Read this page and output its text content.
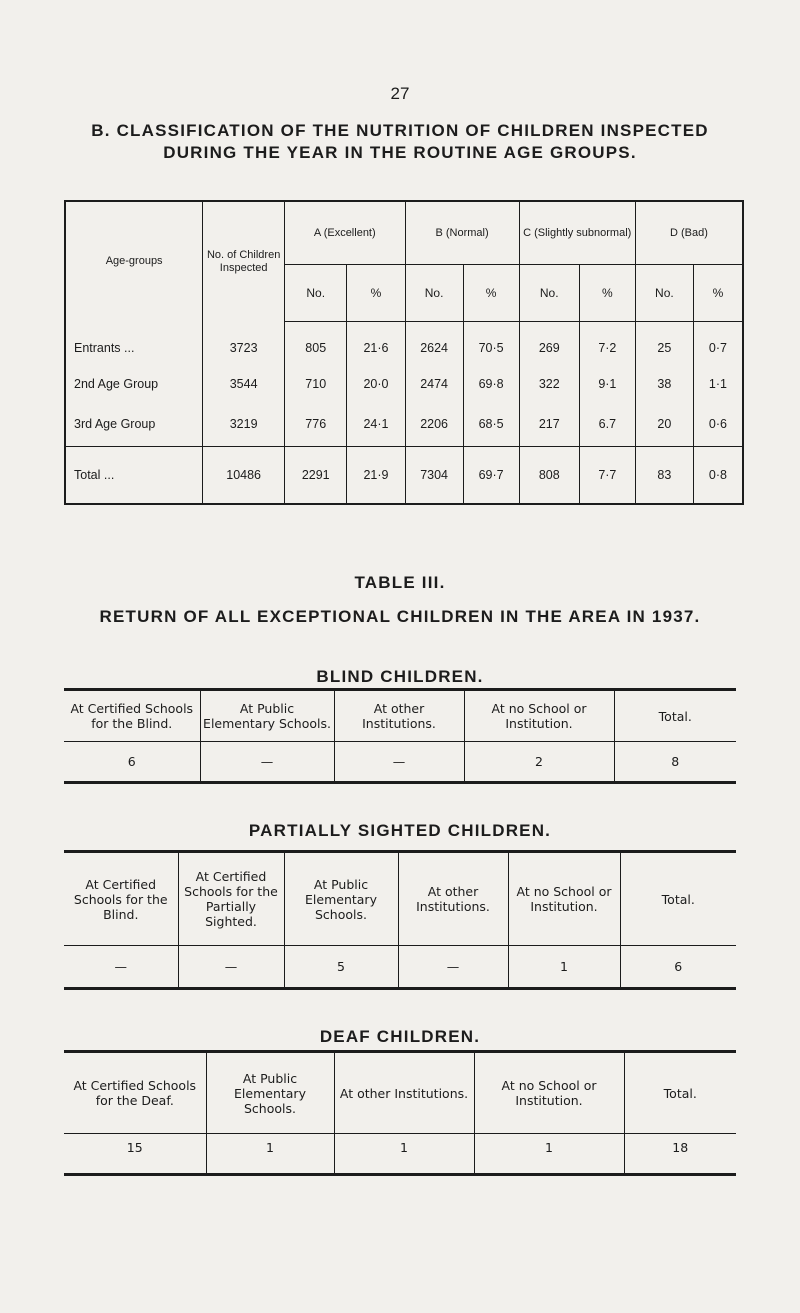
27
B. CLASSIFICATION OF THE NUTRITION OF CHILDREN INSPECTED DURING THE YEAR IN THE ROUTINE AGE GROUPS.
Age-groups	No. of Children Inspected	A (Excellent)		B (Normal)		C (Slightly subnormal)		D (Bad)	
		No.	%	No.	%	No.	%	No.	%
Entrants ...	3723	805	21·6	2624	70·5	269	7·2	25	0·7
2nd Age Group	3544	710	20·0	2474	69·8	322	9·1	38	1·1
3rd Age Group	3219	776	24·1	2206	68·5	217	6.7	20	0·6
Total ...	10486	2291	21·9	7304	69·7	808	7·7	83	0·8
TABLE III.
RETURN OF ALL EXCEPTIONAL CHILDREN IN THE AREA IN 1937.
BLIND CHILDREN.
At Certified Schools for the Blind.	At Public Elementary Schools.	At other Institutions.	At no School or Institution.	Total.
6	—	—	2	8
PARTIALLY SIGHTED CHILDREN.
At Certified Schools for the Blind.	At Certified Schools for the Partially Sighted.	At Public Elementary Schools.	At other Institutions.	At no School or Institution.	Total.
—	—	5	—	1	6
DEAF CHILDREN.
At Certified Schools for the Deaf.	At Public Elementary Schools.	At other Institutions.	At no School or Institution.	Total.
15	1	1	1	18
